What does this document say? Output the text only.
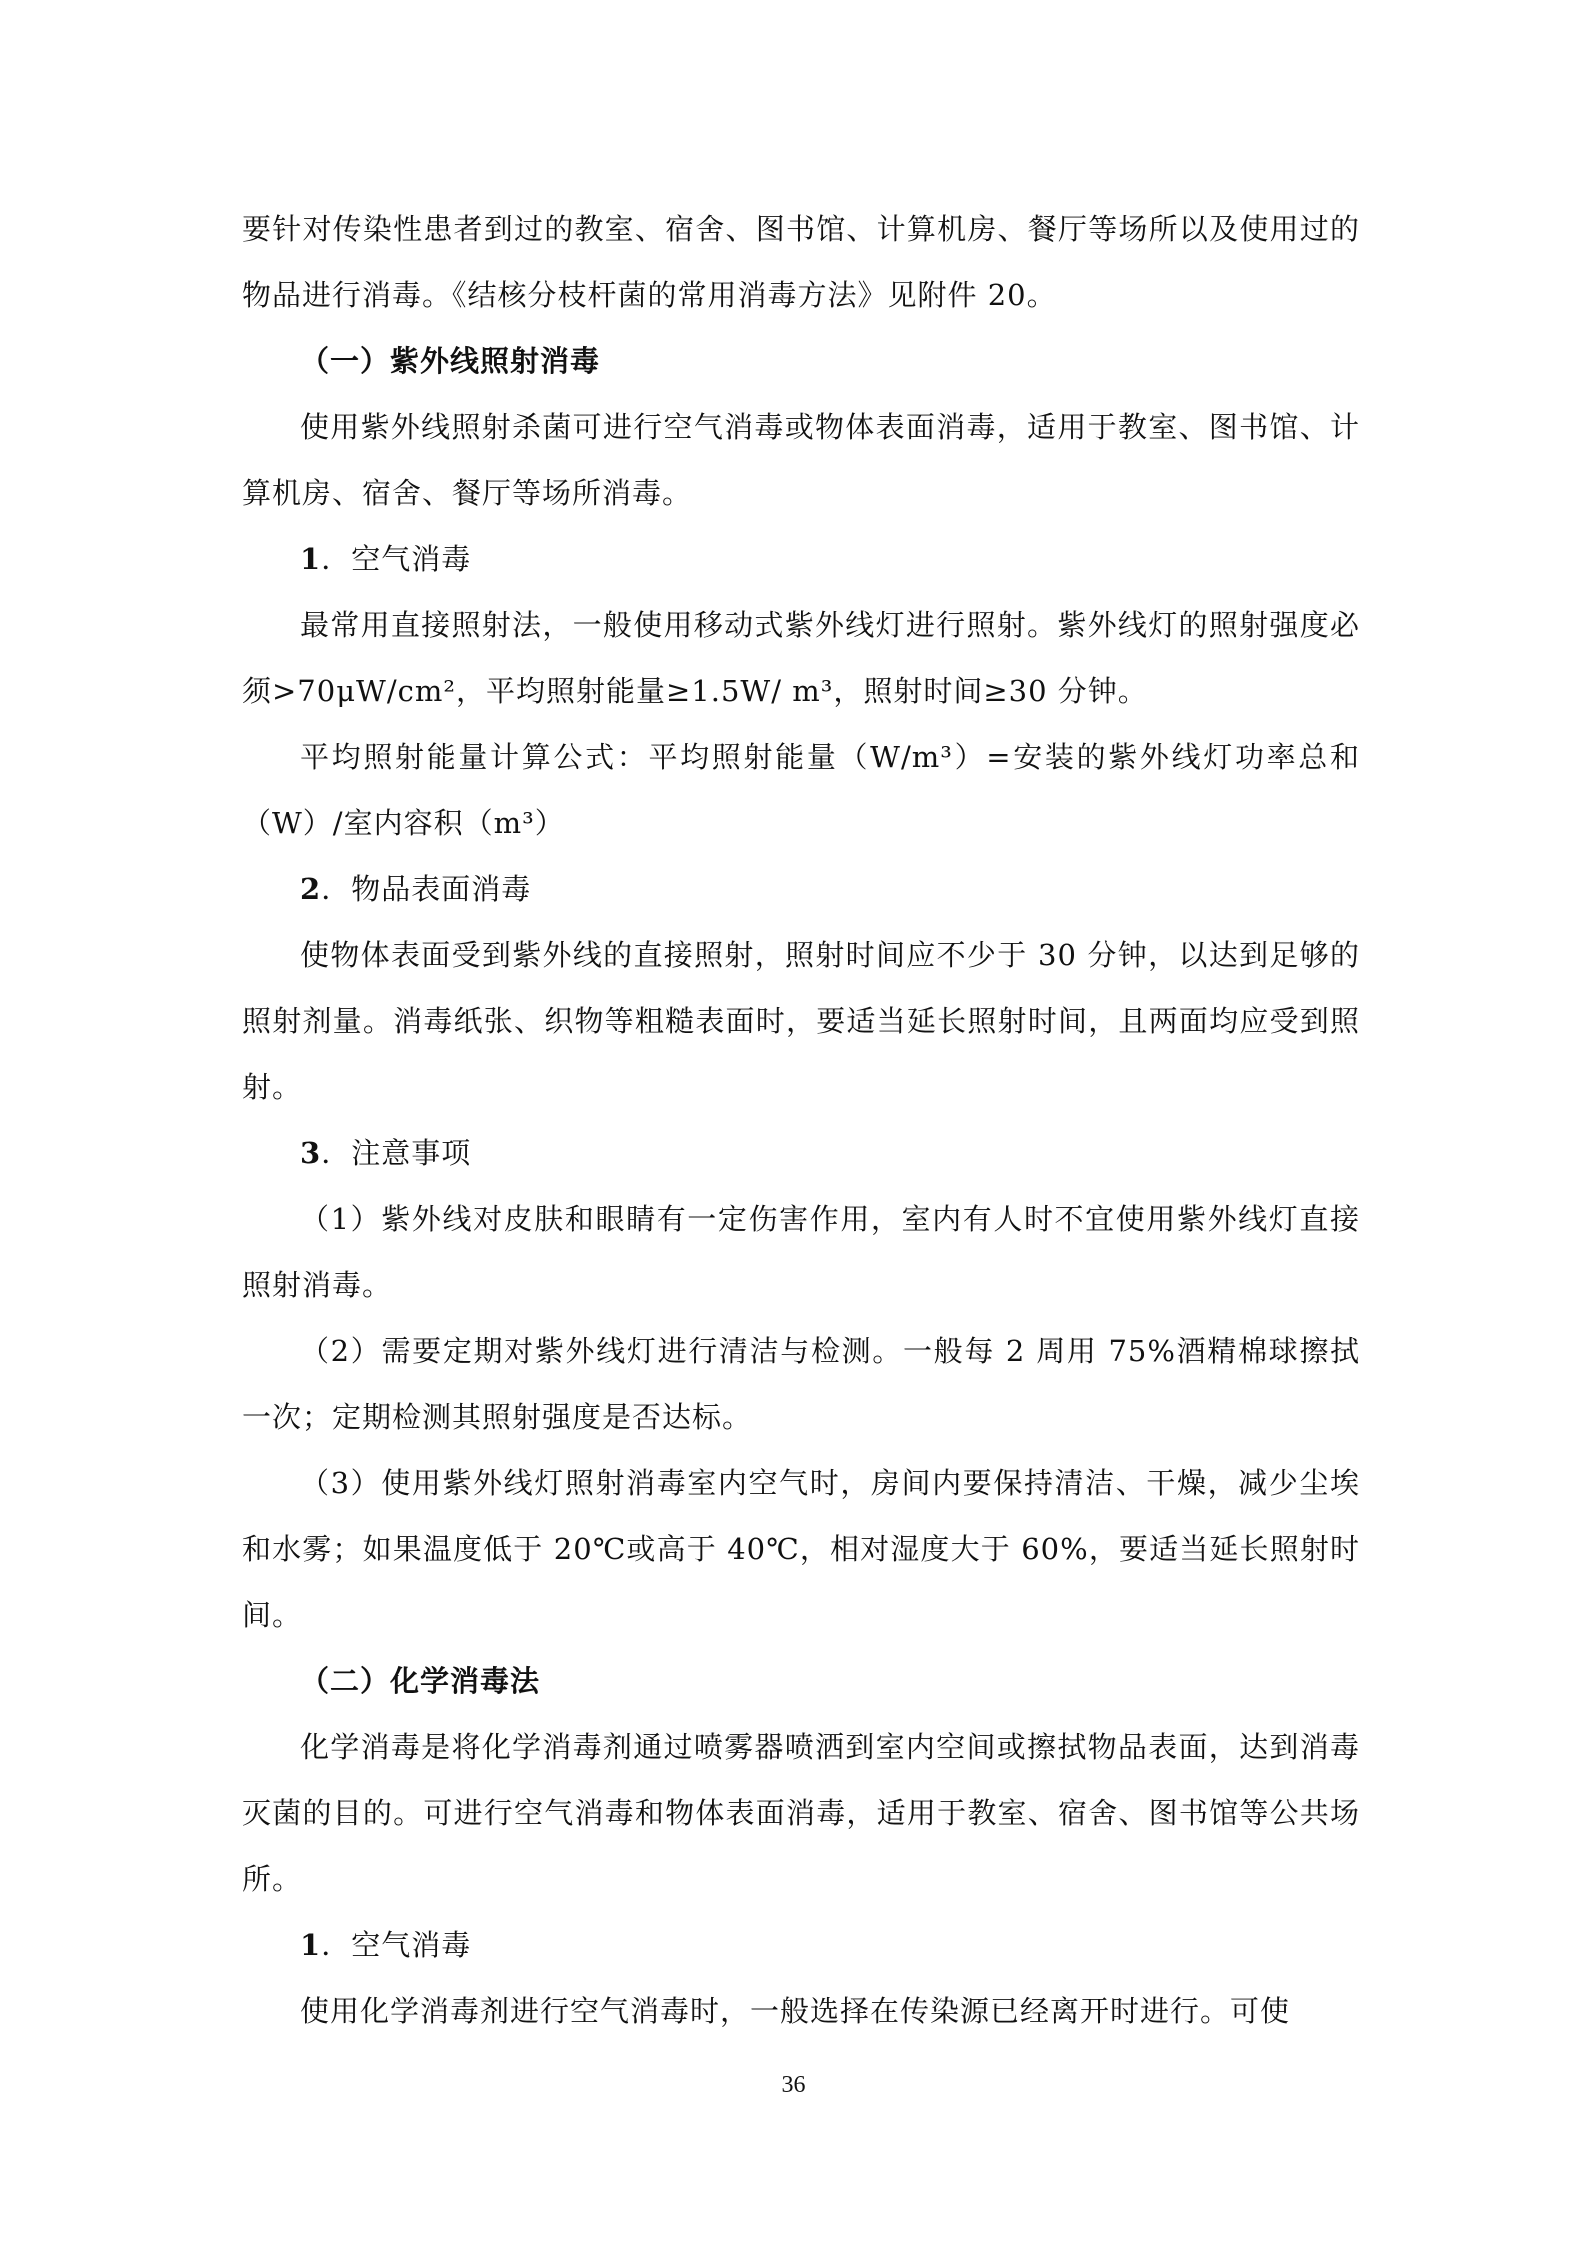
要针对传染性患者到过的教室、宿舍、图书馆、计算机房、餐厅等场所以及使用过的物品进行消毒。《结核分枝杆菌的常用消毒方法》见附件 20。

（一）紫外线照射消毒

使用紫外线照射杀菌可进行空气消毒或物体表面消毒，适用于教室、图书馆、计算机房、宿舍、餐厅等场所消毒。

1．空气消毒

最常用直接照射法，一般使用移动式紫外线灯进行照射。紫外线灯的照射强度必须>70μW/cm²，平均照射能量≥1.5W/ m³，照射时间≥30 分钟。

平均照射能量计算公式：平均照射能量（W/m³）=安装的紫外线灯功率总和（W）/室内容积（m³）

2．物品表面消毒

使物体表面受到紫外线的直接照射，照射时间应不少于 30 分钟，以达到足够的照射剂量。消毒纸张、织物等粗糙表面时，要适当延长照射时间，且两面均应受到照射。

3．注意事项

（1）紫外线对皮肤和眼睛有一定伤害作用，室内有人时不宜使用紫外线灯直接照射消毒。

（2）需要定期对紫外线灯进行清洁与检测。一般每 2 周用 75%酒精棉球擦拭一次；定期检测其照射强度是否达标。

（3）使用紫外线灯照射消毒室内空气时，房间内要保持清洁、干燥，减少尘埃和水雾；如果温度低于 20℃或高于 40℃，相对湿度大于 60%，要适当延长照射时间。

（二）化学消毒法

化学消毒是将化学消毒剂通过喷雾器喷洒到室内空间或擦拭物品表面，达到消毒灭菌的目的。可进行空气消毒和物体表面消毒，适用于教室、宿舍、图书馆等公共场所。

1．空气消毒

使用化学消毒剂进行空气消毒时，一般选择在传染源已经离开时进行。可使

36
